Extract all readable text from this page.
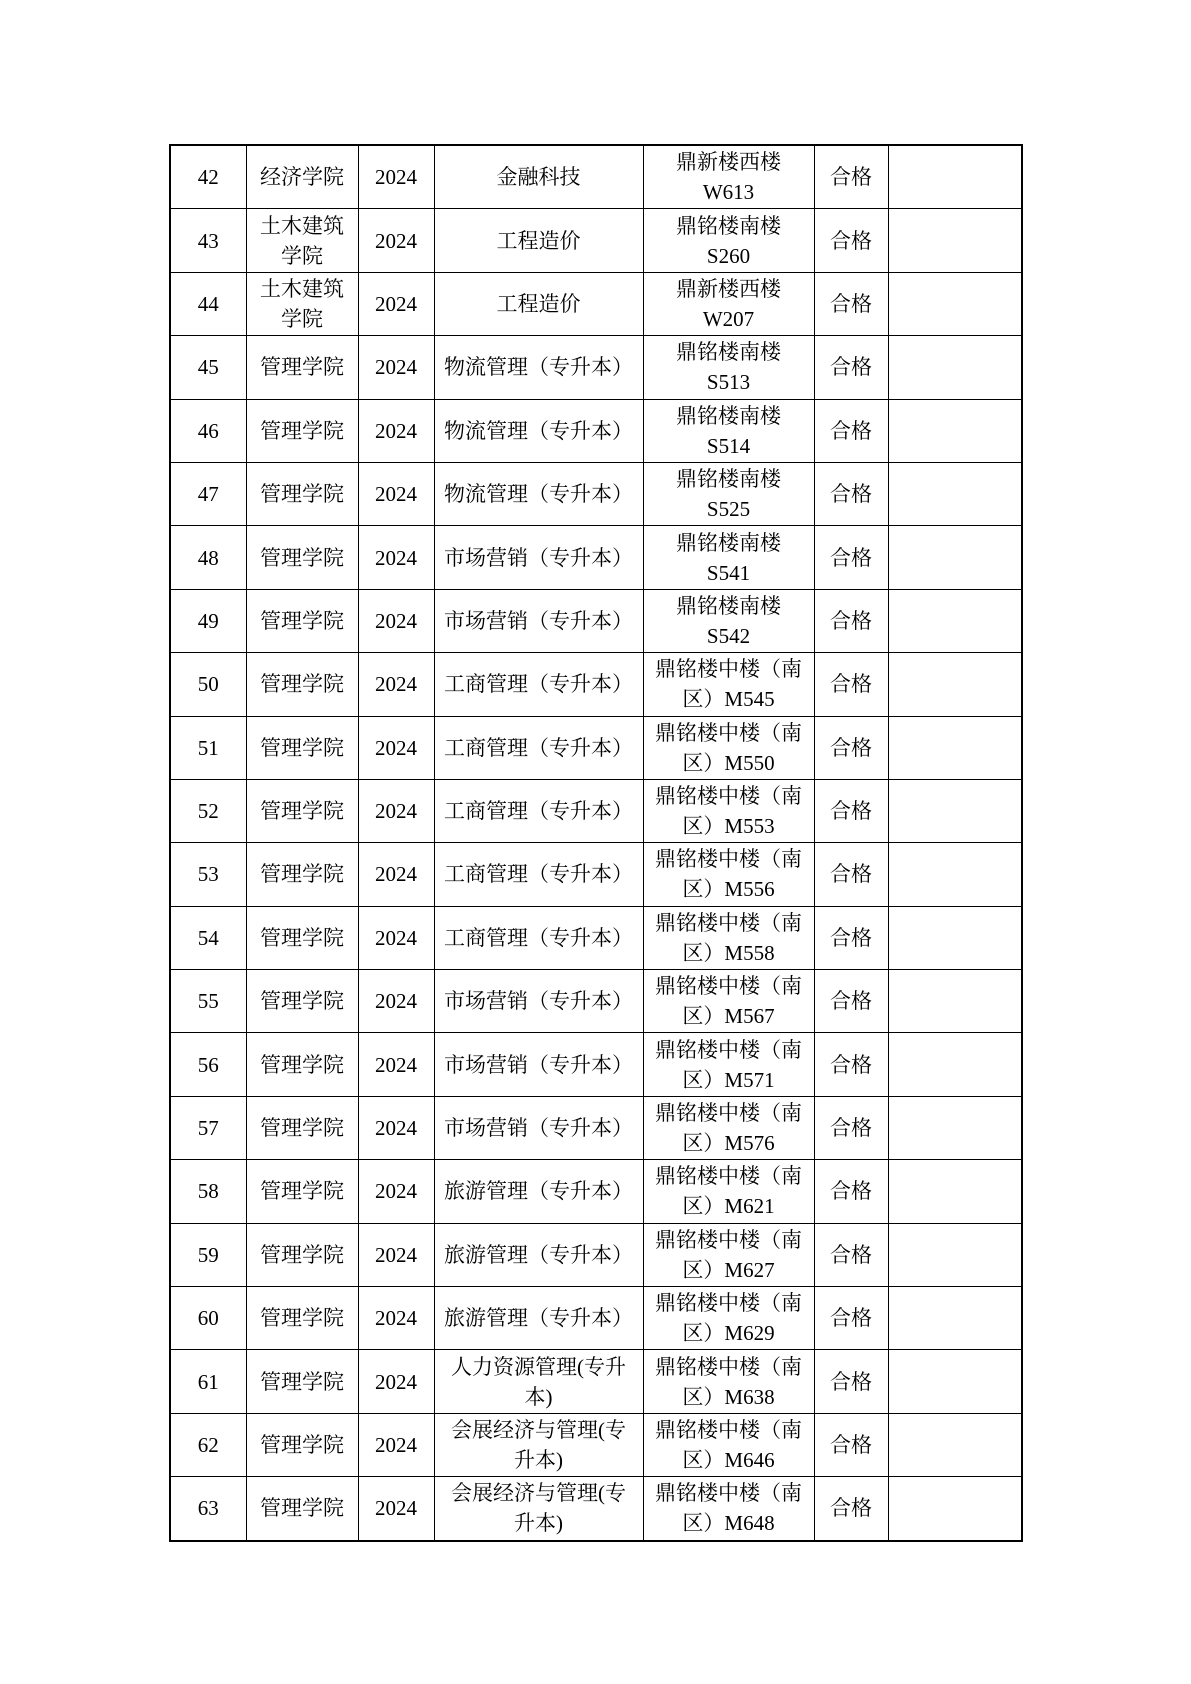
42	经济学院	2024	金融科技	鼎新楼西楼
W613	合格	
43	土木建筑
学院	2024	工程造价	鼎铭楼南楼
S260	合格	
44	土木建筑
学院	2024	工程造价	鼎新楼西楼
W207	合格	
45	管理学院	2024	物流管理（专升本）	鼎铭楼南楼
S513	合格	
46	管理学院	2024	物流管理（专升本）	鼎铭楼南楼
S514	合格	
47	管理学院	2024	物流管理（专升本）	鼎铭楼南楼
S525	合格	
48	管理学院	2024	市场营销（专升本）	鼎铭楼南楼
S541	合格	
49	管理学院	2024	市场营销（专升本）	鼎铭楼南楼
S542	合格	
50	管理学院	2024	工商管理（专升本）	鼎铭楼中楼（南
区）M545	合格	
51	管理学院	2024	工商管理（专升本）	鼎铭楼中楼（南
区）M550	合格	
52	管理学院	2024	工商管理（专升本）	鼎铭楼中楼（南
区）M553	合格	
53	管理学院	2024	工商管理（专升本）	鼎铭楼中楼（南
区）M556	合格	
54	管理学院	2024	工商管理（专升本）	鼎铭楼中楼（南
区）M558	合格	
55	管理学院	2024	市场营销（专升本）	鼎铭楼中楼（南
区）M567	合格	
56	管理学院	2024	市场营销（专升本）	鼎铭楼中楼（南
区）M571	合格	
57	管理学院	2024	市场营销（专升本）	鼎铭楼中楼（南
区）M576	合格	
58	管理学院	2024	旅游管理（专升本）	鼎铭楼中楼（南
区）M621	合格	
59	管理学院	2024	旅游管理（专升本）	鼎铭楼中楼（南
区）M627	合格	
60	管理学院	2024	旅游管理（专升本）	鼎铭楼中楼（南
区）M629	合格	
61	管理学院	2024	人力资源管理(专升
本)	鼎铭楼中楼（南
区）M638	合格	
62	管理学院	2024	会展经济与管理(专
升本)	鼎铭楼中楼（南
区）M646	合格	
63	管理学院	2024	会展经济与管理(专
升本)	鼎铭楼中楼（南
区）M648	合格	
